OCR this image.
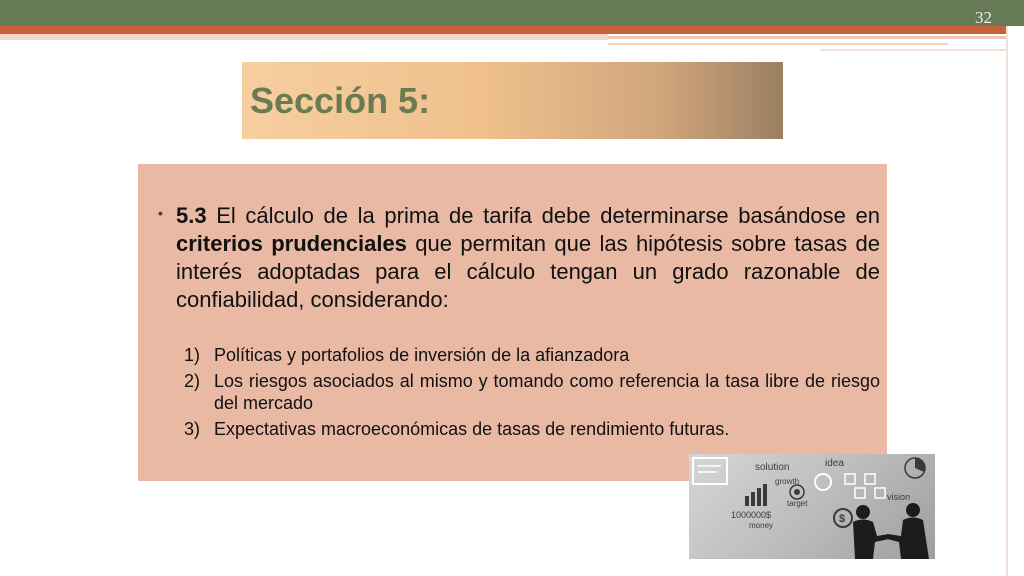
32
Sección 5:
• 5.3 El cálculo de la prima de tarifa debe determinarse basándose en criterios prudenciales que permitan que las hipótesis sobre tasas de interés adoptadas para el cálculo tengan un grado razonable de confiabilidad, considerando:
1) Políticas y portafolios de inversión de la afianzadora
2) Los riesgos asociados al mismo y tomando como referencia la tasa libre de riesgo del mercado
3) Expectativas macroeconómicas de tasas de rendimiento futuras.
solution	idea
growth
target
vision
1000000$
money
$
